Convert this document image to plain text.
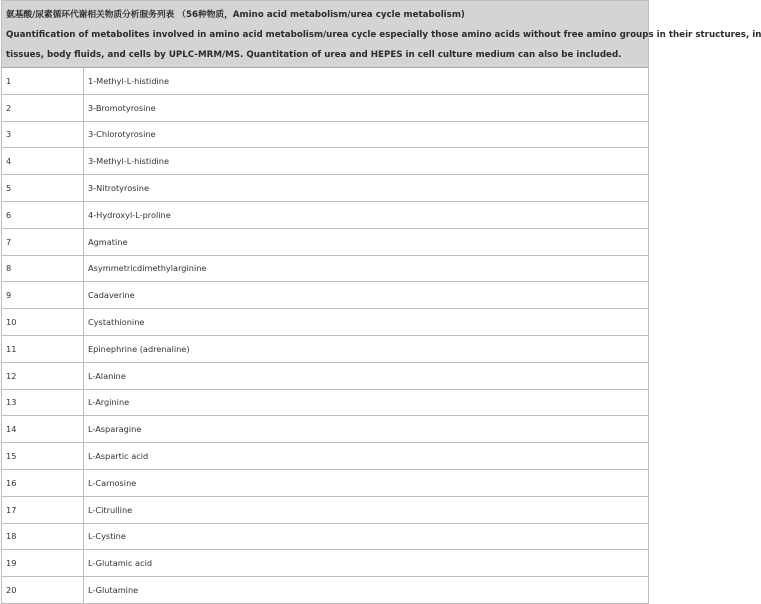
氨基酸/尿素循环代谢相关物质分析服务列表 （56种物质，Amino acid metabolism/urea cycle metabolism)
Quantification of metabolites involved in amino acid metabolism/urea cycle especially those amino acids without free amino groups in their structures, in
tissues, body fluids, and cells by UPLC-MRM/MS. Quantitation of urea and HEPES in cell culture medium can also be included.
1	1-Methyl-L-histidine
2	3-Bromotyrosine
3	3-Chlorotyrosine
4	3-Methyl-L-histidine
5	3-Nitrotyrosine
6	4-Hydroxyl-L-proline
7	Agmatine
8	Asymmetricdimethylarginine
9	Cadaverine
10	Cystathionine
11	Epinephrine (adrenaline)
12	L-Alanine
13	L-Arginine
14	L-Asparagine
15	L-Aspartic acid
16	L-Carnosine
17	L-Citrulline
18	L-Cystine
19	L-Glutamic acid
20	L-Glutamine
